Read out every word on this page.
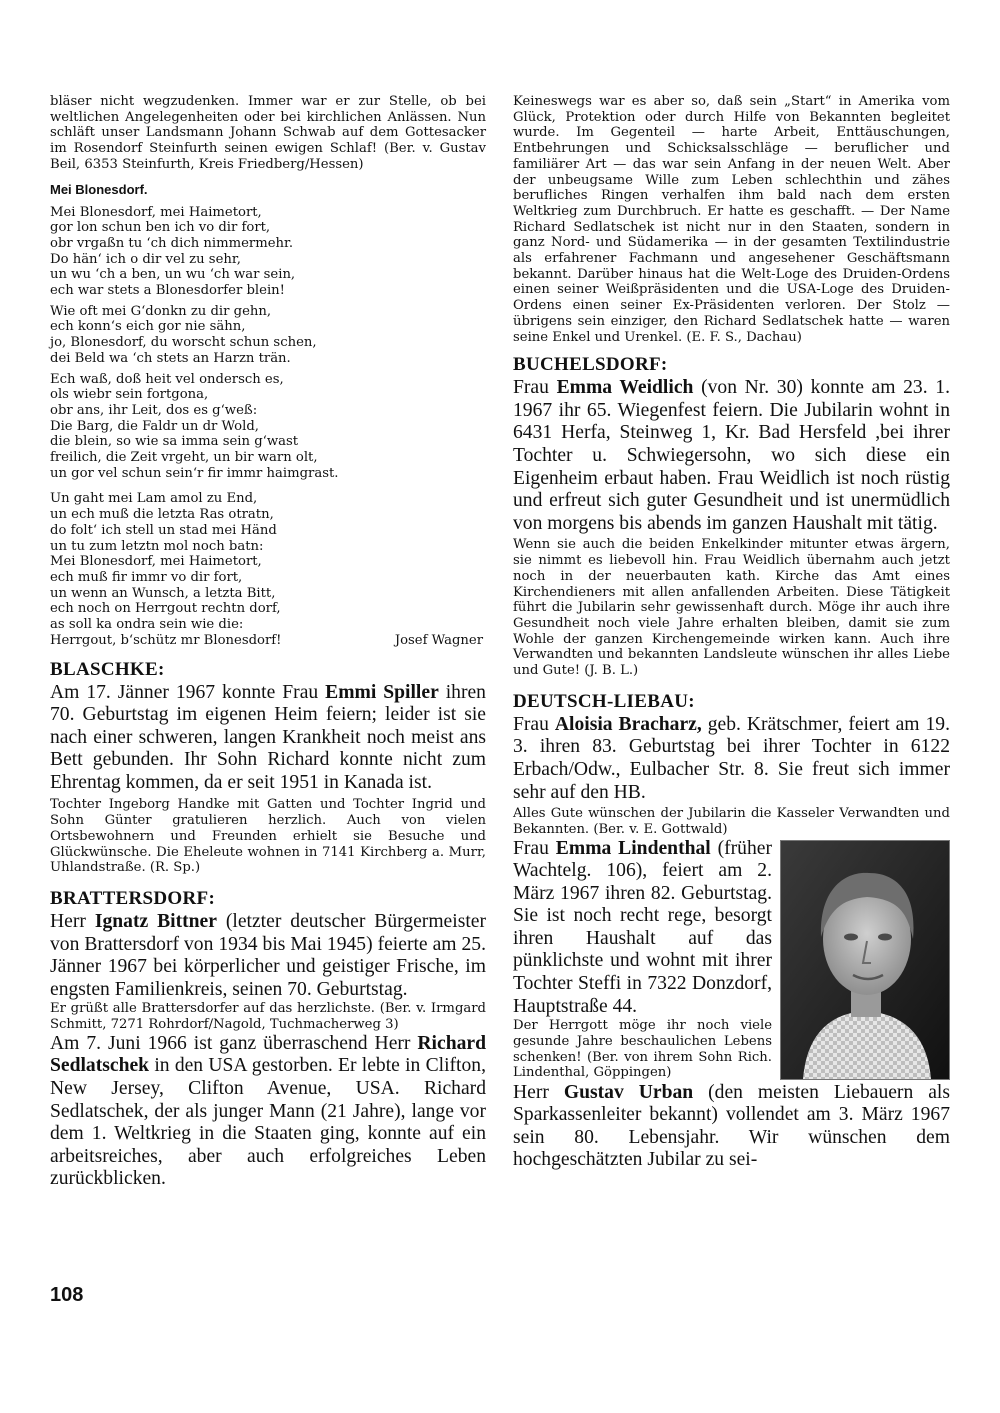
bläser nicht wegzudenken. Immer war er zur Stelle, ob bei weltlichen Angelegenheiten oder bei kirchlichen Anlässen. Nun schläft unser Landsmann Johann Schwab auf dem Gottesacker im Rosendorf Steinfurth seinen ewigen Schlaf! (Ber. v. Gustav Beil, 6353 Steinfurth, Kreis Friedberg/Hessen)

Mei Blonesdorf.
Mei Blonesdorf, mei Haimetort,
gor lon schun ben ich vo dir fort,
obr vrgaßn tu ‘ch dich nimmermehr.
Do hän‘ ich o dir vel zu sehr,
un wu ‘ch a ben, un wu ‘ch war sein,
ech war stets a Blonesdorfer blein!
Wie oft mei G‘donkn zu dir gehn,
ech konn‘s eich gor nie sähn,
jo, Blonesdorf, du worscht schun schen,
dei Beld wa ‘ch stets an Harzn trän.
Ech waß, doß heit vel ondersch es,
ols wiebr sein fortgona,
obr ans, ihr Leit, dos es g‘weß:
Die Barg, die Faldr un dr Wold,
die blein, so wie sa imma sein g‘wast
freilich, die Zeit vrgeht, un bir warn olt,
un gor vel schun sein‘r fir immr haimgrast.
Un gaht mei Lam amol zu End,
un ech muß die letzta Ras otratn,
do folt‘ ich stell un stad mei Händ
un tu zum letztn mol noch batn:
Mei Blonesdorf, mei Haimetort,
ech muß fir immr vo dir fort,
un wenn an Wunsch, a letzta Bitt,
ech noch on Herrgout rechtn dorf,
as soll ka ondra sein wie die:
Herrgout, b‘schütz mr Blonesdorf!	Josef Wagner
BLASCHKE:

Am 17. Jänner 1967 konnte Frau Emmi Spiller ihren 70. Geburtstag im eigenen Heim feiern; leider ist sie nach einer schweren, langen Krankheit noch meist ans Bett gebunden. Ihr Sohn Richard konnte nicht zum Ehrentag kommen, da er seit 1951 in Kanada ist.

Tochter Ingeborg Handke mit Gatten und Tochter Ingrid und Sohn Günter gratulieren herzlich. Auch von vielen Ortsbewohnern und Freunden erhielt sie Besuche und Glückwünsche. Die Eheleute wohnen in 7141 Kirchberg a. Murr, Uhlandstraße. (R. Sp.)

BRATTERSDORF:

Herr Ignatz Bittner (letzter deutscher Bürgermeister von Brattersdorf von 1934 bis Mai 1945) feierte am 25. Jänner 1967 bei körperlicher und geistiger Frische, im engsten Familienkreis, seinen 70. Geburtstag.

Er grüßt alle Brattersdorfer auf das herzlichste. (Ber. v. Irmgard Schmitt, 7271 Rohrdorf/Nagold, Tuchmacherweg 3)

Am 7. Juni 1966 ist ganz überraschend Herr Richard Sedlatschek in den USA gestorben. Er lebte in Clifton, New Jersey, Clifton Avenue, USA. Richard Sedlatschek, der als junger Mann (21 Jahre), lange vor dem 1. Weltkrieg in die Staaten ging, konnte auf ein arbeitsreiches, aber auch erfolgreiches Leben zurückblicken.

Keineswegs war es aber so, daß sein „Start“ in Amerika vom Glück, Protektion oder durch Hilfe von Bekannten begleitet wurde. Im Gegenteil — harte Arbeit, Enttäuschungen, Entbehrungen und Schicksalsschläge — beruflicher und familiärer Art — das war sein Anfang in der neuen Welt. Aber der unbeugsame Wille zum Leben schlechthin und zähes berufliches Ringen verhalfen ihm bald nach dem ersten Weltkrieg zum Durchbruch. Er hatte es geschafft. — Der Name Richard Sedlatschek ist nicht nur in den Staaten, sondern in ganz Nord- und Südamerika — in der gesamten Textilindustrie als erfahrener Fachmann und angesehener Geschäftsmann bekannt. Darüber hinaus hat die Welt-Loge des Druiden-Ordens einen seiner Weißpräsidenten und die USA-Loge des Druiden-Ordens einen seiner Ex-Präsidenten verloren. Der Stolz — übrigens sein einziger, den Richard Sedlatschek hatte — waren seine Enkel und Urenkel. (E. F. S., Dachau)

BUCHELSDORF:

Frau Emma Weidlich (von Nr. 30) konnte am 23. 1. 1967 ihr 65. Wiegenfest feiern. Die Jubilarin wohnt in 6431 Herfa, Steinweg 1, Kr. Bad Hersfeld ,bei ihrer Tochter u. Schwiegersohn, wo sich diese ein Eigenheim erbaut haben. Frau Weidlich ist noch rüstig und erfreut sich guter Gesundheit und ist unermüdlich von morgens bis abends im ganzen Haushalt mit tätig.

Wenn sie auch die beiden Enkelkinder mitunter etwas ärgern, sie nimmt es liebevoll hin. Frau Weidlich übernahm auch jetzt noch in der neuerbauten kath. Kirche das Amt eines Kirchendieners mit allen anfallenden Arbeiten. Diese Tätigkeit führt die Jubilarin sehr gewissenhaft durch. Möge ihr auch ihre Gesundheit noch viele Jahre erhalten bleiben, damit sie zum Wohle der ganzen Kirchengemeinde wirken kann. Auch ihre Verwandten und bekannten Landsleute wünschen ihr alles Liebe und Gute! (J. B. L.)

DEUTSCH-LIEBAU:

Frau Aloisia Bracharz, geb. Krätschmer, feiert am 19. 3. ihren 83. Geburtstag bei ihrer Tochter in 6122 Erbach/Odw., Eulbacher Str. 8. Sie freut sich immer sehr auf den HB.

Alles Gute wünschen der Jubilarin die Kasseler Verwandten und Bekannten. (Ber. v. E. Gottwald)

Frau Emma Lindenthal (früher Wachtelg. 106), feiert am 2. März 1967 ihren 82. Geburtstag. Sie ist noch recht rege, besorgt ihren Haushalt auf das pünklichste und wohnt mit ihrer Tochter Steffi in 7322 Donzdorf, Hauptstraße 44.

Der Herrgott möge ihr noch viele gesunde Jahre beschaulichen Lebens schenken! (Ber. von ihrem Sohn Rich. Lindenthal, Göppingen)

Herr Gustav Urban (den meisten Liebauern als Sparkassenleiter bekannt) vollendet am 3. März 1967 sein 80. Lebensjahr. Wir wünschen dem hochgeschätzten Jubilar zu sei-

108
